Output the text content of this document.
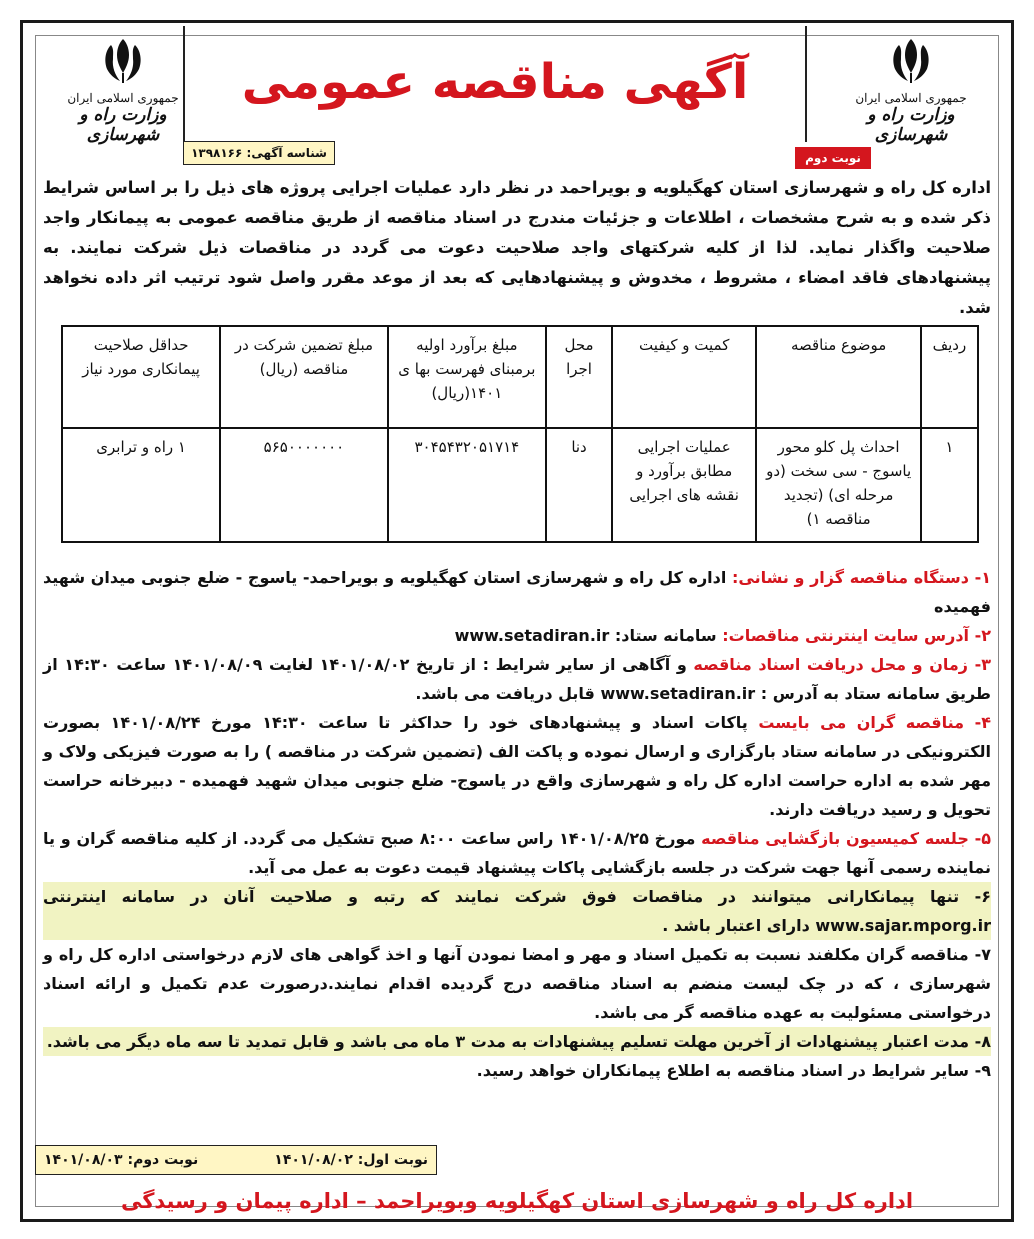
جمهوری اسلامی ایران
وزارت راه و شهرسازی
جمهوری اسلامی ایران
وزارت راه و شهرسازی
آگهی مناقصه عمومی
شناسه آگهی: ۱۳۹۸۱۶۶	نوبت دوم
اداره کل راه و شهرسازی استان کهگیلویه و بویراحمد در نظر دارد عملیات اجرایی پروژه های ذیل را بر اساس شرایط ذکر شده و به شرح مشخصات ، اطلاعات و جزئیات مندرج در اسناد مناقصه از طریق مناقصه عمومی به پیمانکار واجد صلاحیت واگذار نماید. لذا از کلیه شرکتهای واجد صلاحیت دعوت می گردد در مناقصات ذیل شرکت نمایند. به پیشنهادهای فاقد امضاء ، مشروط ، مخدوش و پیشنهادهایی که بعد از موعد مقرر واصل شود ترتیب اثر داده نخواهد شد.
ردیف	موضوع مناقصه	کمیت و کیفیت	محل اجرا	مبلغ برآورد اولیه برمبنای فهرست بها ی ۱۴۰۱(ریال)	مبلغ تضمین شرکت در مناقصه (ریال)	حداقل صلاحیت پیمانکاری مورد نیاز
۱	احداث پل کلو محور یاسوج - سی سخت (دو مرحله ای) (تجدید مناقصه ۱)	عملیات اجرایی مطابق برآورد و نقشه های اجرایی	دنا	۳۰۴۵۴۳۲۰۵۱۷۱۴	۵۶۵۰۰۰۰۰۰۰	۱ راه و ترابری

۱- دستگاه مناقصه گزار و نشانی: اداره کل راه و شهرسازی استان کهگیلویه و بویراحمد- یاسوج - ضلع جنوبی میدان شهید فهمیده

۲- آدرس سایت اینترنتی مناقصات: سامانه ستاد: www.setadiran.ir

۳- زمان و محل دریافت اسناد مناقصه و آگاهی از سایر شرایط : از تاریخ ۱۴۰۱/۰۸/۰۲ لغایت ۱۴۰۱/۰۸/۰۹ ساعت ۱۴:۳۰ از طریق سامانه ستاد به آدرس : www.setadiran.ir قابل دریافت می باشد.

۴- مناقصه گران می بایست پاکات اسناد و پیشنهادهای خود را حداکثر تا ساعت ۱۴:۳۰ مورخ ۱۴۰۱/۰۸/۲۴ بصورت الکترونیکی در سامانه ستاد بارگزاری و ارسال نموده و پاکت الف (تضمین شرکت در مناقصه ) را به صورت فیزیکی ولاک و مهر شده به اداره حراست اداره کل راه و شهرسازی واقع در یاسوج- ضلع جنوبی میدان شهید فهمیده - دبیرخانه حراست تحویل و رسید دریافت دارند.

۵- جلسه کمیسیون بازگشایی مناقصه مورخ ۱۴۰۱/۰۸/۲۵ راس ساعت ۸:۰۰ صبح تشکیل می گردد. از کلیه مناقصه گران و یا نماینده رسمی آنها جهت شرکت در جلسه بازگشایی پاکات پیشنهاد قیمت دعوت به عمل می آید.

۶- تنها پیمانکارانی میتوانند در مناقصات فوق شرکت نمایند که رتبه و صلاحیت آنان در سامانه اینترنتی www.sajar.mporg.ir دارای اعتبار باشد .

۷- مناقصه گران مکلفند نسبت به تکمیل اسناد و مهر و امضا نمودن آنها و اخذ گواهی های لازم درخواستی اداره کل راه و شهرسازی ، که در چک لیست منضم به اسناد مناقصه درج گردیده اقدام نمایند.درصورت عدم تکمیل و ارائه اسناد درخواستی مسئولیت به عهده مناقصه گر می باشد.

۸- مدت اعتبار پیشنهادات از آخرین مهلت تسلیم پیشنهادات به مدت ۳ ماه می باشد و قابل تمدید تا سه ماه دیگر می باشد.

۹- سایر شرایط در اسناد مناقصه به اطلاع پیمانکاران خواهد رسید.

نوبت اول: ۱۴۰۱/۰۸/۰۲
نوبت دوم: ۱۴۰۱/۰۸/۰۳
اداره کل راه و شهرسازی استان کهگیلویه وبویراحمد – اداره پیمان و رسیدگی
